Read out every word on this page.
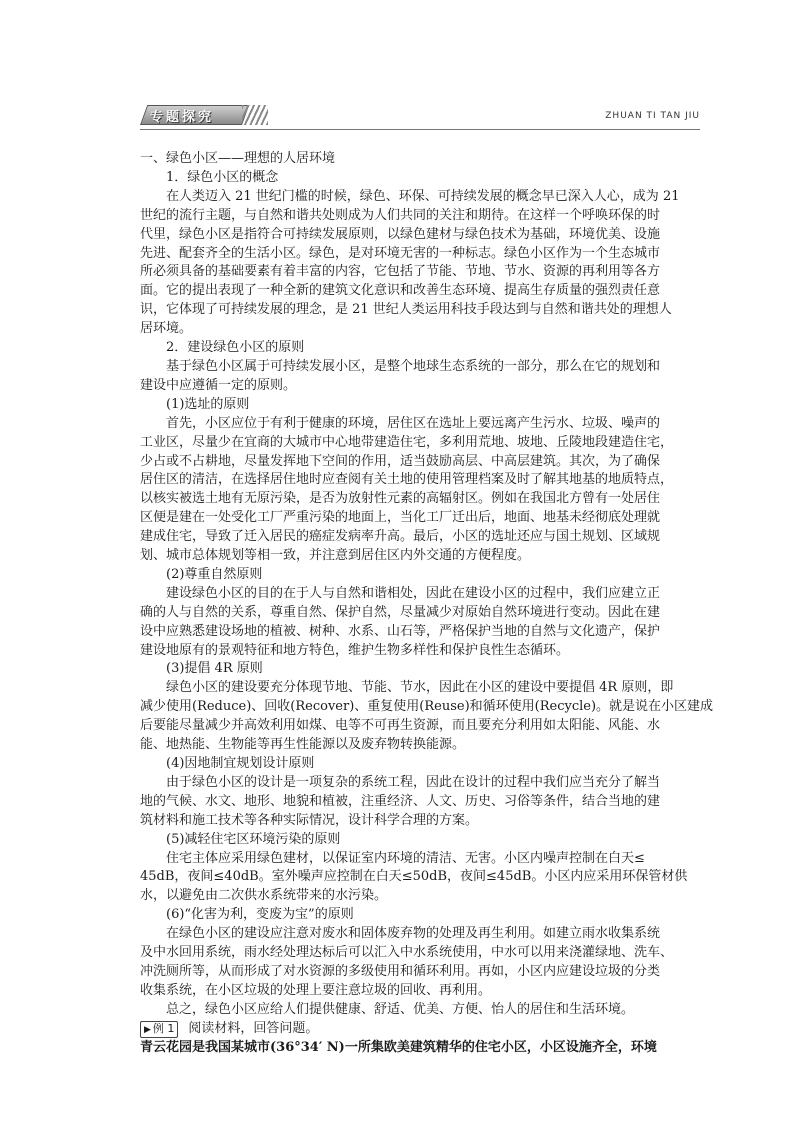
专题探究	ZHUAN TI TAN JIU

一、绿色小区——理想的人居环境

1．绿色小区的概念

在人类迈入 21 世纪门槛的时候，绿色、环保、可持续发展的概念早已深入人心，成为 21

世纪的流行主题，与自然和谐共处则成为人们共同的关注和期待。在这样一个呼唤环保的时

代里，绿色小区是指符合可持续发展原则，以绿色建材与绿色技术为基础，环境优美、设施

先进、配套齐全的生活小区。绿色，是对环境无害的一种标志。绿色小区作为一个生态城市

所必须具备的基础要素有着丰富的内容，它包括了节能、节地、节水、资源的再利用等各方

面。它的提出表现了一种全新的建筑文化意识和改善生态环境、提高生存质量的强烈责任意

识，它体现了可持续发展的理念，是 21 世纪人类运用科技手段达到与自然和谐共处的理想人

居环境。

2．建设绿色小区的原则

基于绿色小区属于可持续发展小区，是整个地球生态系统的一部分，那么在它的规划和

建设中应遵循一定的原则。

(1)选址的原则

首先，小区应位于有利于健康的环境，居住区在选址上要远离产生污水、垃圾、噪声的

工业区，尽量少在宜商的大城市中心地带建造住宅，多利用荒地、坡地、丘陵地段建造住宅，

少占或不占耕地，尽量发挥地下空间的作用，适当鼓励高层、中高层建筑。其次，为了确保

居住区的清洁，在选择居住地时应查阅有关土地的使用管理档案及时了解其地基的地质特点，

以核实被选土地有无原污染，是否为放射性元素的高辐射区。例如在我国北方曾有一处居住

区便是建在一处受化工厂严重污染的地面上，当化工厂迁出后，地面、地基未经彻底处理就

建成住宅，导致了迁入居民的癌症发病率升高。最后，小区的选址还应与国土规划、区域规

划、城市总体规划等相一致，并注意到居住区内外交通的方便程度。

(2)尊重自然原则

建设绿色小区的目的在于人与自然和谐相处，因此在建设小区的过程中，我们应建立正

确的人与自然的关系，尊重自然、保护自然，尽量减少对原始自然环境进行变动。因此在建

设中应熟悉建设场地的植被、树种、水系、山石等，严格保护当地的自然与文化遗产，保护

建设地原有的景观特征和地方特色，维护生物多样性和保护良性生态循环。

(3)提倡 4R 原则

绿色小区的建设要充分体现节地、节能、节水，因此在小区的建设中要提倡 4R 原则，即

减少使用(Reduce)、回收(Recover)、重复使用(Reuse)和循环使用(Recycle)。就是说在小区建成

后要能尽量减少并高效利用如煤、电等不可再生资源，而且要充分利用如太阳能、风能、水

能、地热能、生物能等再生性能源以及废弃物转换能源。

(4)因地制宜规划设计原则

由于绿色小区的设计是一项复杂的系统工程，因此在设计的过程中我们应当充分了解当

地的气候、水文、地形、地貌和植被，注重经济、人文、历史、习俗等条件，结合当地的建

筑材料和施工技术等各种实际情况，设计科学合理的方案。

(5)减轻住宅区环境污染的原则

住宅主体应采用绿色建材，以保证室内环境的清洁、无害。小区内噪声控制在白天≤

45dB，夜间≤40dB。室外噪声应控制在白天≤50dB，夜间≤45dB。小区内应采用环保管材供

水，以避免由二次供水系统带来的水污染。

(6)“化害为利，变废为宝”的原则

在绿色小区的建设应注意对废水和固体废弃物的处理及再生利用。如建立雨水收集系统

及中水回用系统，雨水经处理达标后可以汇入中水系统使用，中水可以用来浇灌绿地、洗车、

冲洗厕所等，从而形成了对水资源的多级使用和循环利用。再如，小区内应建设垃圾的分类

收集系统，在小区垃圾的处理上要注意垃圾的回收、再利用。

总之，绿色小区应给人们提供健康、舒适、优美、方便、怡人的居住和生活环境。

▶ 例 1 阅读材料，回答问题。

青云花园是我国某城市(36°34′ N)一所集欧美建筑精华的住宅小区，小区设施齐全，环境
